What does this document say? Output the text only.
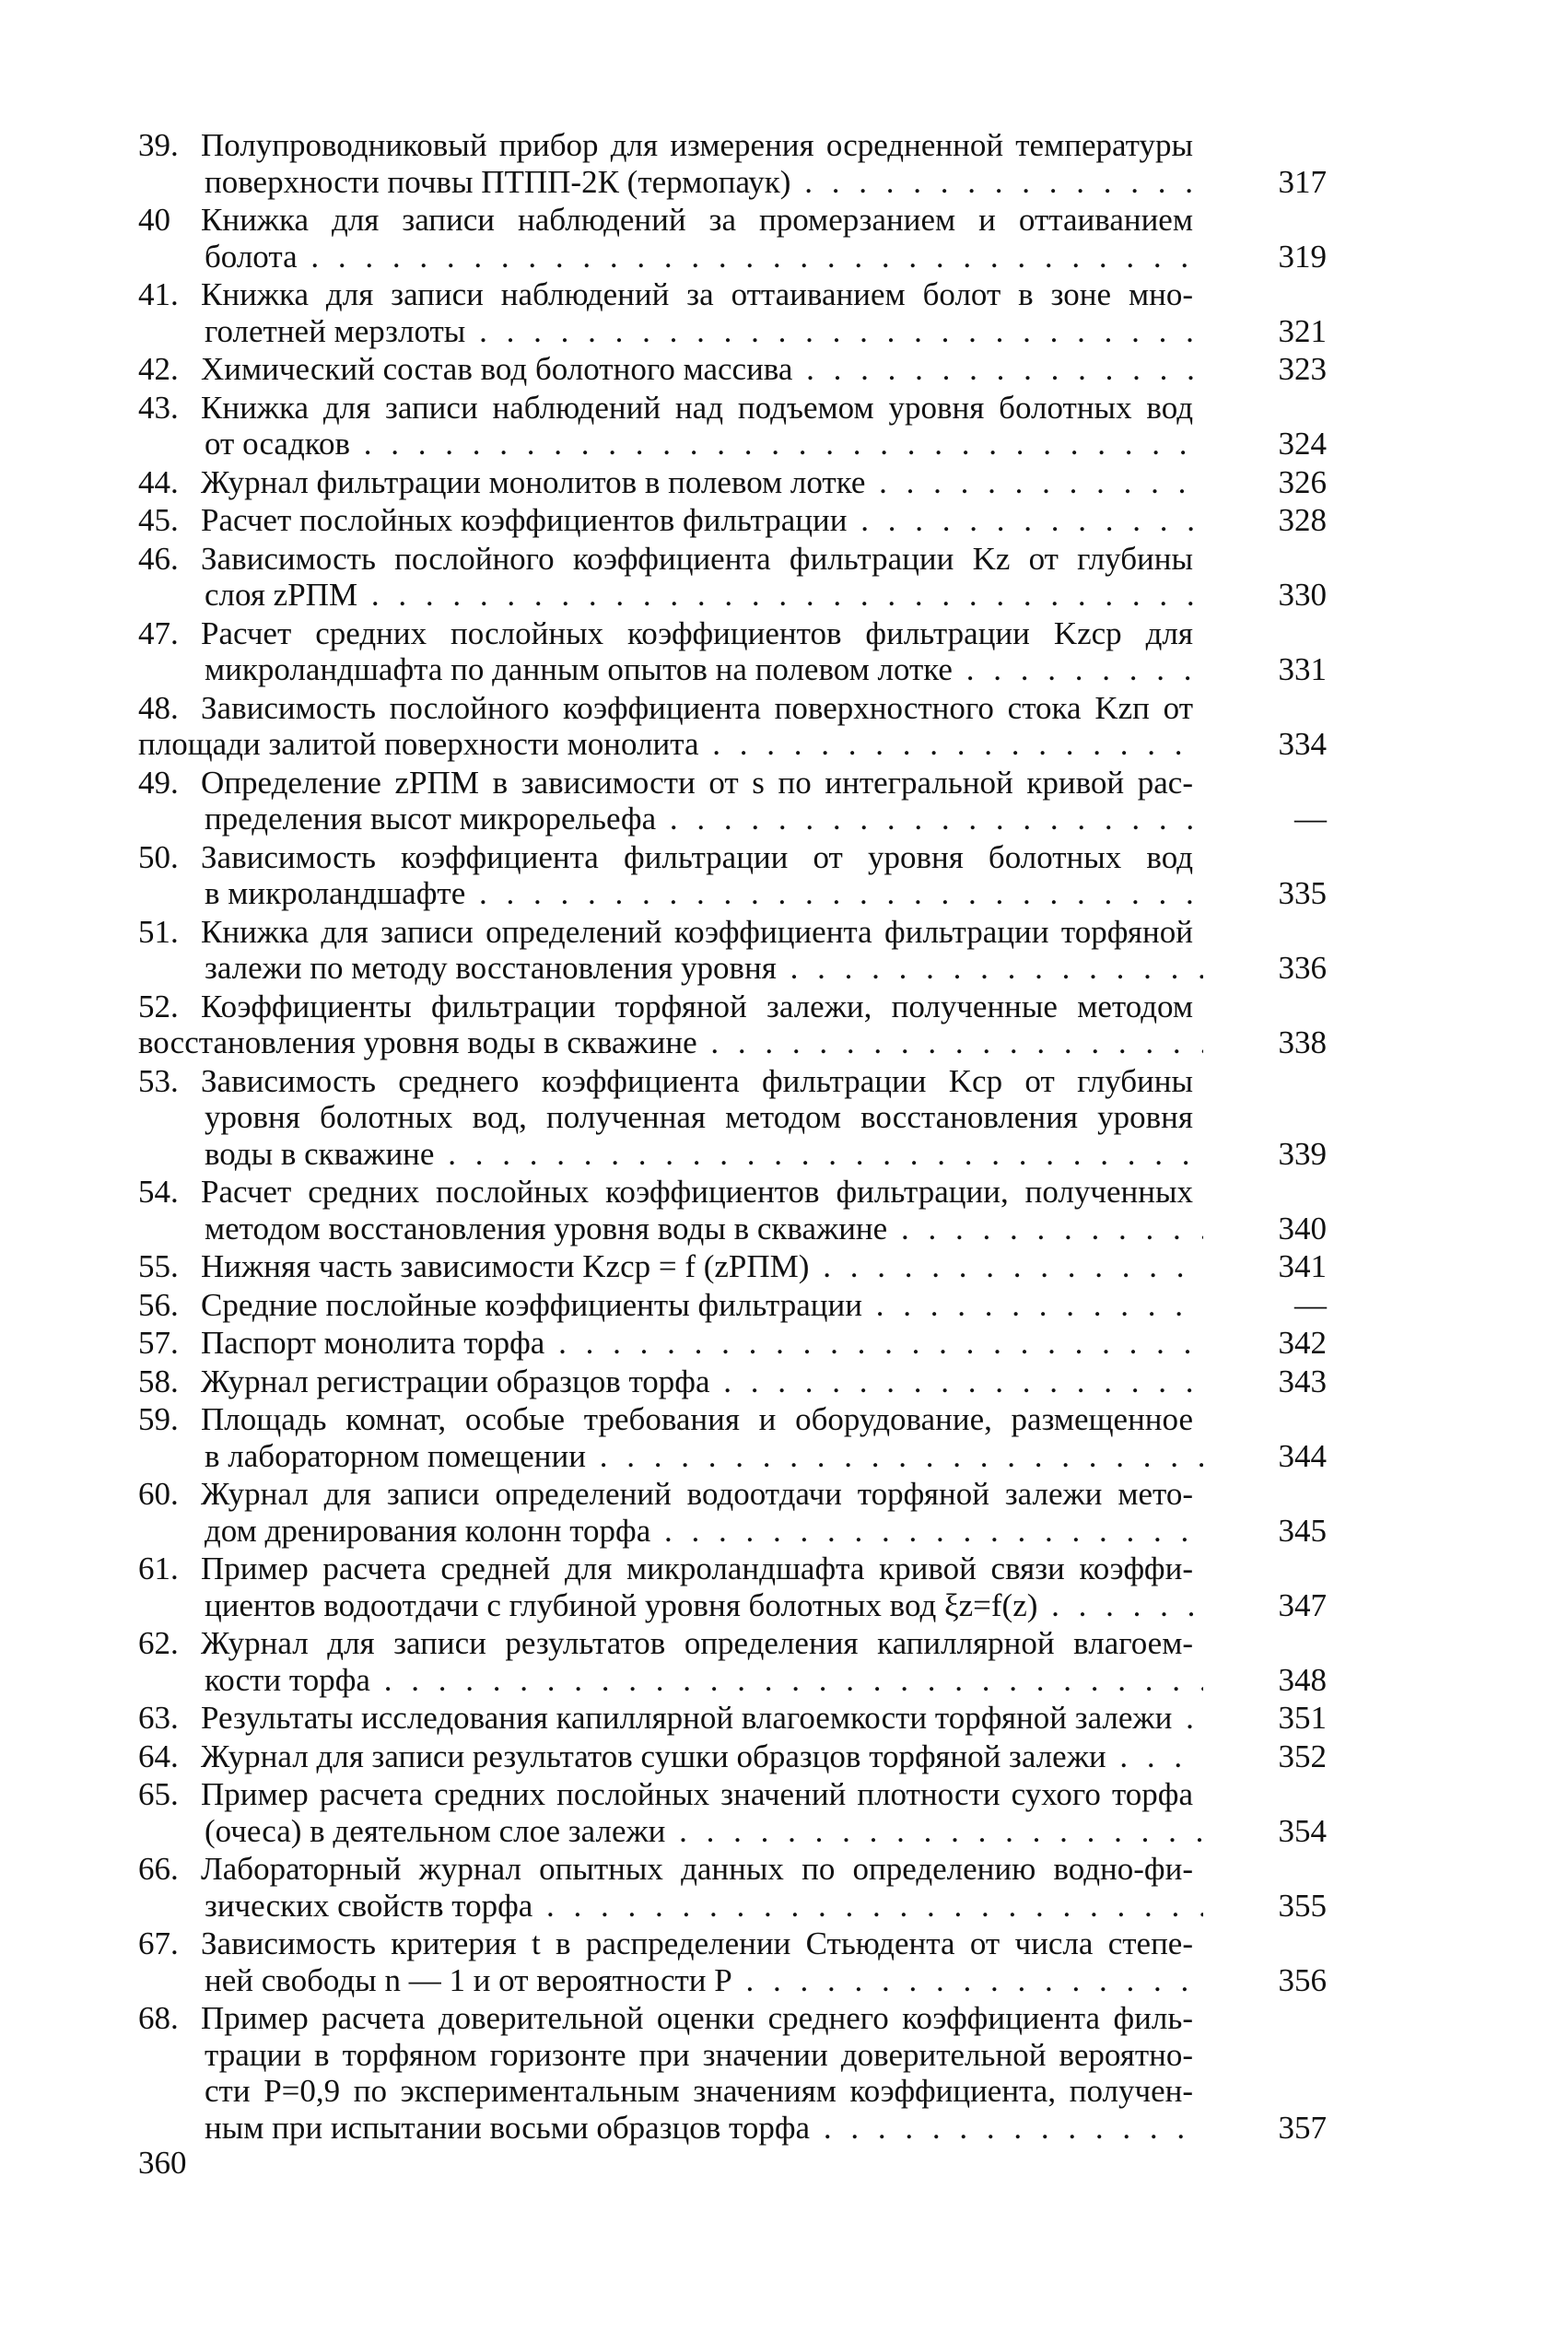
39. Полупроводниковый прибор для измерения осредненной температуры
поверхности почвы ПТПП-2К (термопаук) . . .	317
40 Книжка для записи наблюдений за промерзанием и оттаиванием
болота . . .	319
41. Книжка для записи наблюдений за оттаиванием болот в зоне мно-
голетней мерзлоты . . .	321
42. Химический состав вод болотного массива . . .	323
43. Книжка для записи наблюдений над подъемом уровня болотных вод
от осадков . . .	324
44. Журнал фильтрации монолитов в полевом лотке . . .	326
45. Расчет послойных коэффициентов фильтрации . . .	328
46. Зависимость послойного коэффициента фильтрации Kz от глубины
слоя zРПМ . . .	330
47. Расчет средних послойных коэффициентов фильтрации Kzср для
микроландшафта по данным опытов на полевом лотке . . .	331
48. Зависимость послойного коэффициента поверхностного стока Kzп от
площади залитой поверхности монолита . . .	334
49. Определение zРПМ в зависимости от s по интегральной кривой рас-
пределения высот микрорельефа . . .	—
50. Зависимость коэффициента фильтрации от уровня болотных вод
в микроландшафте . . .	335
51. Книжка для записи определений коэффициента фильтрации торфяной
залежи по методу восстановления уровня . . .	336
52. Коэффициенты фильтрации торфяной залежи, полученные методом
восстановления уровня воды в скважине . . .	338
53. Зависимость среднего коэффициента фильтрации Kср от глубины
уровня болотных вод, полученная методом восстановления уровня
воды в скважине . . .	339
54. Расчет средних послойных коэффициентов фильтрации, полученных
методом восстановления уровня воды в скважине . . .	340
55. Нижняя часть зависимости Kzср = f (zРПМ) . . .	341
56. Средние послойные коэффициенты фильтрации . . .	—
57. Паспорт монолита торфа . . .	342
58. Журнал регистрации образцов торфа . . .	343
59. Площадь комнат, особые требования и оборудование, размещенное
в лабораторном помещении . . .	344
60. Журнал для записи определений водоотдачи торфяной залежи мето-
дом дренирования колонн торфа . . .	345
61. Пример расчета средней для микроландшафта кривой связи коэффи-
циентов водоотдачи с глубиной уровня болотных вод ξz=f(z) . . .	347
62. Журнал для записи результатов определения капиллярной влагоем-
кости торфа . . .	348
63. Результаты исследования капиллярной влагоемкости торфяной залежи . . .	351
64. Журнал для записи результатов сушки образцов торфяной залежи . . .	352
65. Пример расчета средних послойных значений плотности сухого торфа
(очеса) в деятельном слое залежи . . .	354
66. Лабораторный журнал опытных данных по определению водно-фи-
зических свойств торфа . . .	355
67. Зависимость критерия t в распределении Стьюдента от числа степе-
ней свободы n — 1 и от вероятности P . . .	356
68. Пример расчета доверительной оценки среднего коэффициента филь-
трации в торфяном горизонте при значении доверительной вероятно-
сти P=0,9 по экспериментальным значениям коэффициента, получен-
ным при испытании восьми образцов торфа . . .	357
360
